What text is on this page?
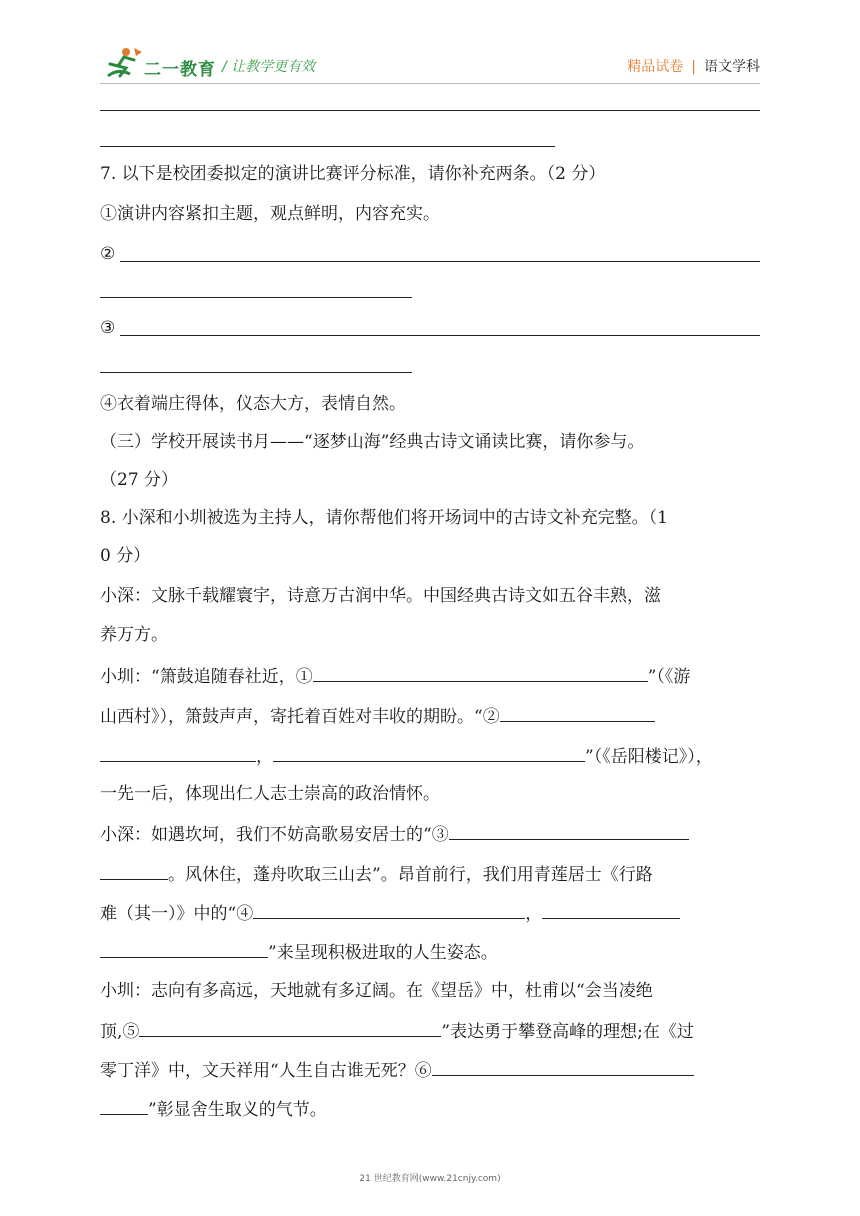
二一教育 / 让教学更有效	精品试卷 | 语文学科
7. 以下是校团委拟定的演讲比赛评分标准，请你补充两条。（2 分）
①演讲内容紧扣主题，观点鲜明，内容充实。
②
③
④衣着端庄得体，仪态大方，表情自然。
（三）学校开展读书月——“逐梦山海”经典古诗文诵读比赛，请你参与。
（27 分）
8. 小深和小圳被选为主持人，请你帮他们将开场词中的古诗文补充完整。（1
0 分）
小深：文脉千载耀寰宇，诗意万古润中华。中国经典古诗文如五谷丰熟，滋
养万方。
小圳：“箫鼓追随春社近，①	”（《游
山西村》），箫鼓声声，寄托着百姓对丰收的期盼。“②
，	”（《岳阳楼记》），
一先一后，体现出仁人志士崇高的政治情怀。
小深：如遇坎坷，我们不妨高歌易安居士的“③
。风休住，蓬舟吹取三山去”。昂首前行，我们用青莲居士《行路
难（其一）》中的“④	，
”来呈现积极进取的人生姿态。
小圳：志向有多高远，天地就有多辽阔。在《望岳》中，杜甫以“会当凌绝
顶,⑤	”表达勇于攀登高峰的理想;在《过
零丁洋》中，文天祥用“人生自古谁无死？⑥
”彰显舍生取义的气节。
21 世纪教育网(www.21cnjy.com)
